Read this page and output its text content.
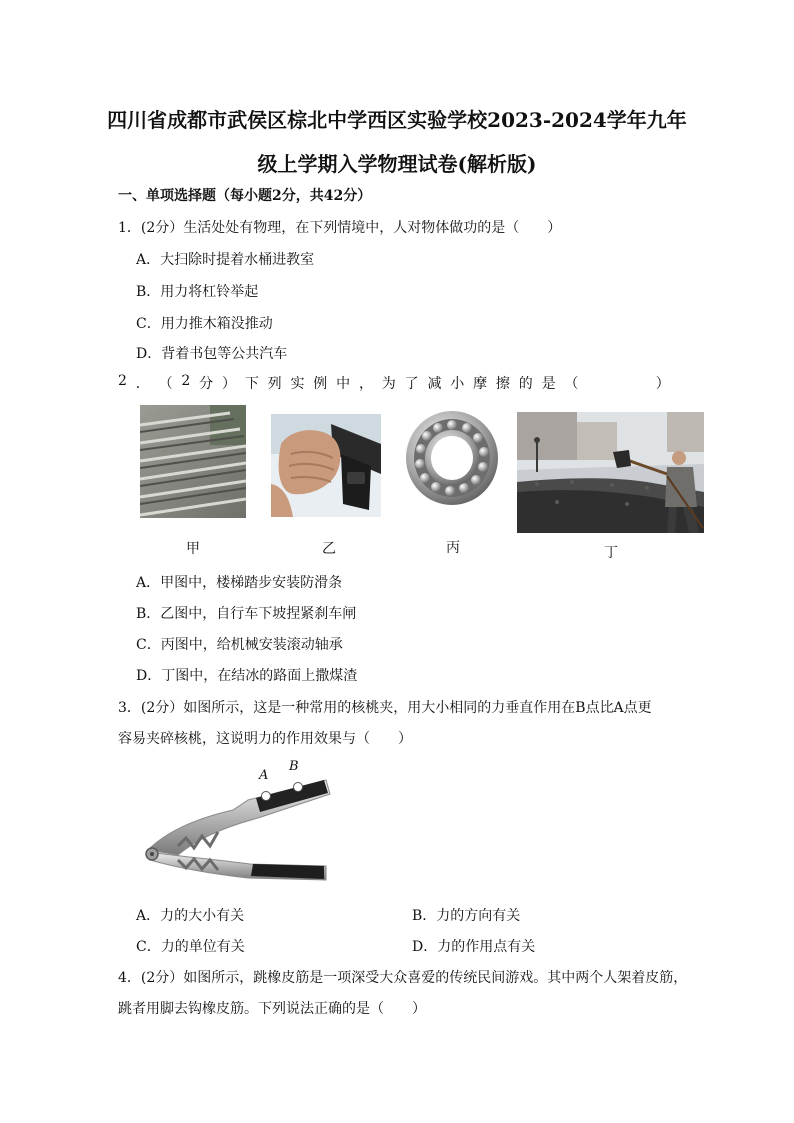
四川省成都市武侯区棕北中学西区实验学校2023-2024学年九年
级上学期入学物理试卷(解析版)
一、单项选择题（每小题2分，共42分）
1．(2分）生活处处有物理，在下列情境中，人对物体做功的是（　　）
A．大扫除时提着水桶进教室
B．用力将杠铃举起
C．用力推木箱没推动
D．背着书包等公共汽车
2 ． （ 2 分 ） 下 列 实 例 中 ， 为 了 减 小 摩 擦 的 是 （

　	）
甲	乙	丙	丁
A．甲图中，楼梯踏步安装防滑条
B．乙图中，自行车下坡捏紧刹车闸
C．丙图中，给机械安装滚动轴承
D．丁图中，在结冰的路面上撒煤渣
3．(2分）如图所示，这是一种常用的核桃夹，用大小相同的力垂直作用在B点比A点更
容易夹碎核桃，这说明力的作用效果与（　　）
A
B
A．力的大小有关	B．力的方向有关
C．力的单位有关	D．力的作用点有关
4．(2分）如图所示，跳橡皮筋是一项深受大众喜爱的传统民间游戏。其中两个人架着皮筋，
跳者用脚去钩橡皮筋。下列说法正确的是（　　）
